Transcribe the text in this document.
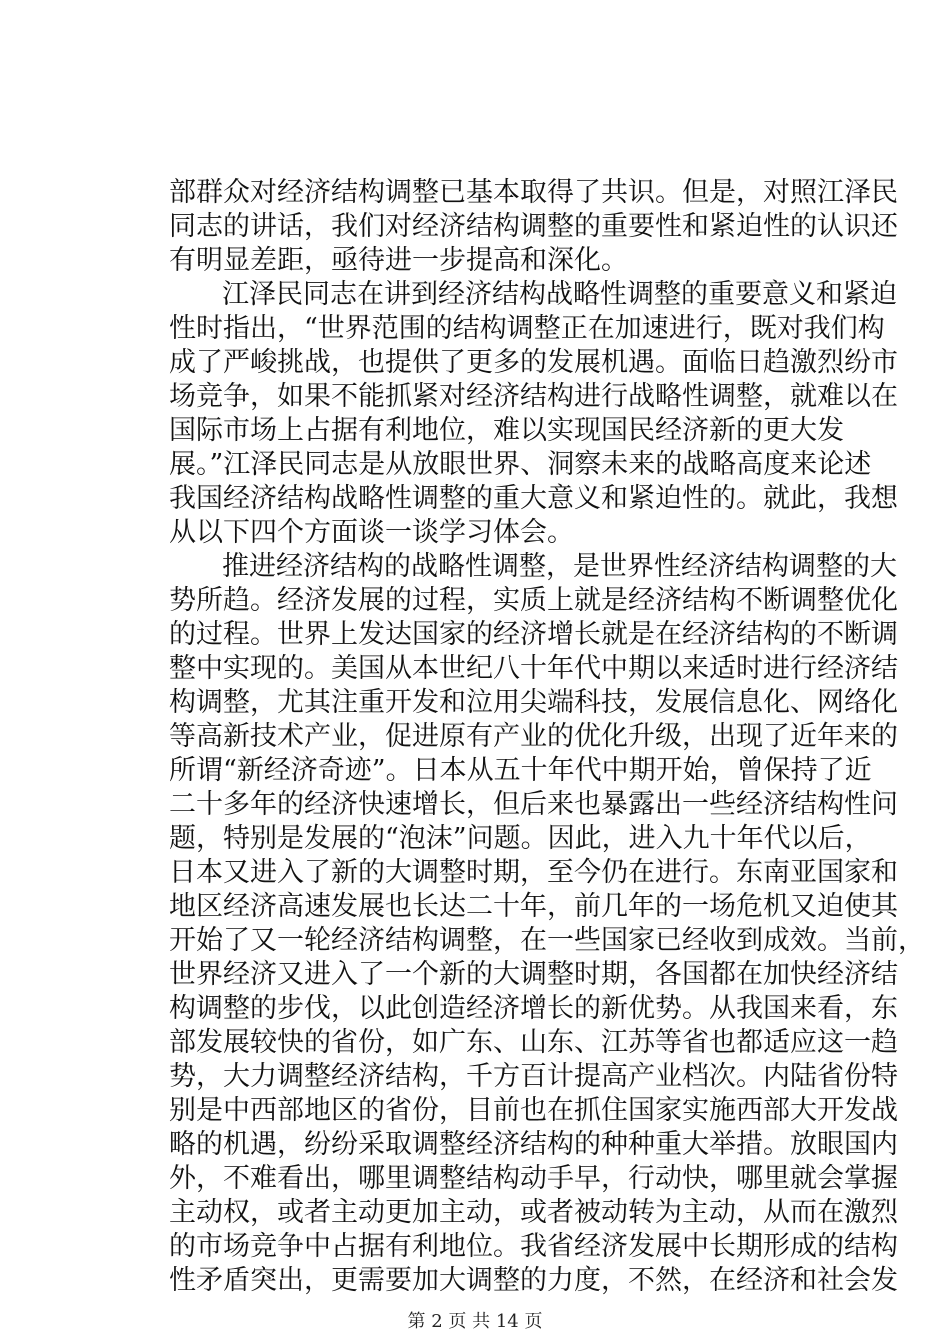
部群众对经济结构调整已基本取得了共识。但是，对照江泽民
同志的讲话，我们对经济结构调整的重要性和紧迫性的认识还
有明显差距，亟待进一步提高和深化。
江泽民同志在讲到经济结构战略性调整的重要意义和紧迫
性时指出，“世界范围的结构调整正在加速进行，既对我们构
成了严峻挑战，也提供了更多的发展机遇。面临日趋激烈纷市
场竞争，如果不能抓紧对经济结构进行战略性调整，就难以在
国际市场上占据有利地位，难以实现国民经济新的更大发
展。”江泽民同志是从放眼世界、洞察未来的战略高度来论述
我国经济结构战略性调整的重大意义和紧迫性的。就此，我想
从以下四个方面谈一谈学习体会。
推进经济结构的战略性调整，是世界性经济结构调整的大
势所趋。经济发展的过程，实质上就是经济结构不断调整优化
的过程。世界上发达国家的经济增长就是在经济结构的不断调
整中实现的。美国从本世纪八十年代中期以来适时进行经济结
构调整，尤其注重开发和泣用尖端科技，发展信息化、网络化
等高新技术产业，促进原有产业的优化升级，出现了近年来的
所谓“新经济奇迹”。日本从五十年代中期开始，曾保持了近
二十多年的经济快速增长，但后来也暴露出一些经济结构性问
题，特别是发展的“泡沫”问题。因此，进入九十年代以后，
日本又进入了新的大调整时期，至今仍在进行。东南亚国家和
地区经济高速发展也长达二十年，前几年的一场危机又迫使其
开始了又一轮经济结构调整，在一些国家已经收到成效。当前，
世界经济又进入了一个新的大调整时期，各国都在加快经济结
构调整的步伐，以此创造经济增长的新优势。从我国来看，东
部发展较快的省份，如广东、山东、江苏等省也都适应这一趋
势，大力调整经济结构，千方百计提高产业档次。内陆省份特
别是中西部地区的省份，目前也在抓住国家实施西部大开发战
略的机遇，纷纷采取调整经济结构的种种重大举措。放眼国内
外，不难看出，哪里调整结构动手早，行动快，哪里就会掌握
主动权，或者主动更加主动，或者被动转为主动，从而在激烈
的市场竞争中占据有利地位。我省经济发展中长期形成的结构
性矛盾突出，更需要加大调整的力度，不然，在经济和社会发
第 2 页 共 14 页
